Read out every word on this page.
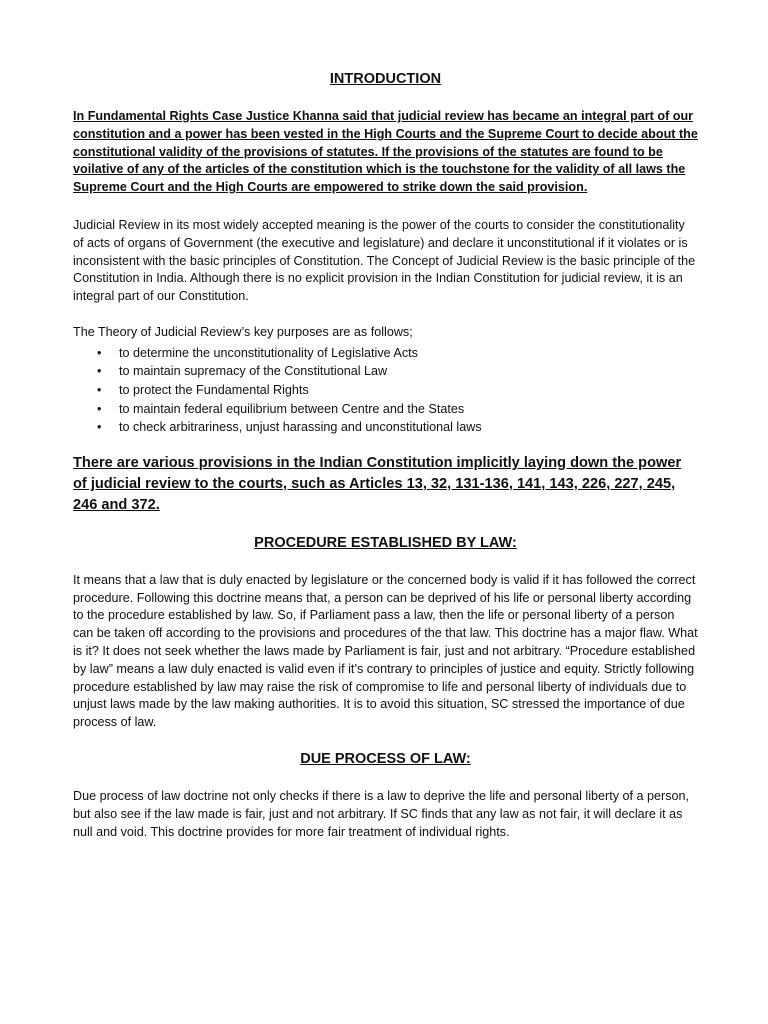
INTRODUCTION

In Fundamental Rights Case Justice Khanna said that judicial review has became an integral part of our constitution and a power has been vested in the High Courts and the Supreme Court to decide about the constitutional validity of the provisions of statutes. If the provisions of the statutes are found to be voilative of any of the articles of the constitution which is the touchstone for the validity of all laws the Supreme Court and the High Courts are empowered to strike down the said provision.

Judicial Review in its most widely accepted meaning is the power of the courts to consider the constitutionality of acts of organs of Government (the executive and legislature) and declare it unconstitutional if it violates or is inconsistent with the basic principles of Constitution. The Concept of Judicial Review is the basic principle of the Constitution in India. Although there is no explicit provision in the Indian Constitution for judicial review, it is an integral part of our Constitution.

The Theory of Judicial Review’s key purposes are as follows;

• to determine the unconstitutionality of Legislative Acts
• to maintain supremacy of the Constitutional Law
• to protect the Fundamental Rights
• to maintain federal equilibrium between Centre and the States
• to check arbitrariness, unjust harassing and unconstitutional laws

There are various provisions in the Indian Constitution implicitly laying down the power of judicial review to the courts, such as Articles 13, 32, 131-136, 141, 143, 226, 227, 245, 246 and 372.

PROCEDURE ESTABLISHED BY LAW:

It means that a law that is duly enacted by legislature or the concerned body is valid if it has followed the correct procedure. Following this doctrine means that, a person can be deprived of his life or personal liberty according to the procedure established by law. So, if Parliament pass a law, then the life or personal liberty of a person can be taken off according to the provisions and procedures of the that law. This doctrine has a major flaw. What is it? It does not seek whether the laws made by Parliament is fair, just and not arbitrary. “Procedure established by law” means a law duly enacted is valid even if it’s contrary to principles of justice and equity. Strictly following procedure established by law may raise the risk of compromise to life and personal liberty of individuals due to unjust laws made by the law making authorities. It is to avoid this situation, SC stressed the importance of due process of law.

DUE PROCESS OF LAW:

Due process of law doctrine not only checks if there is a law to deprive the life and personal liberty of a person, but also see if the law made is fair, just and not arbitrary. If SC finds that any law as not fair, it will declare it as null and void. This doctrine provides for more fair treatment of individual rights.
